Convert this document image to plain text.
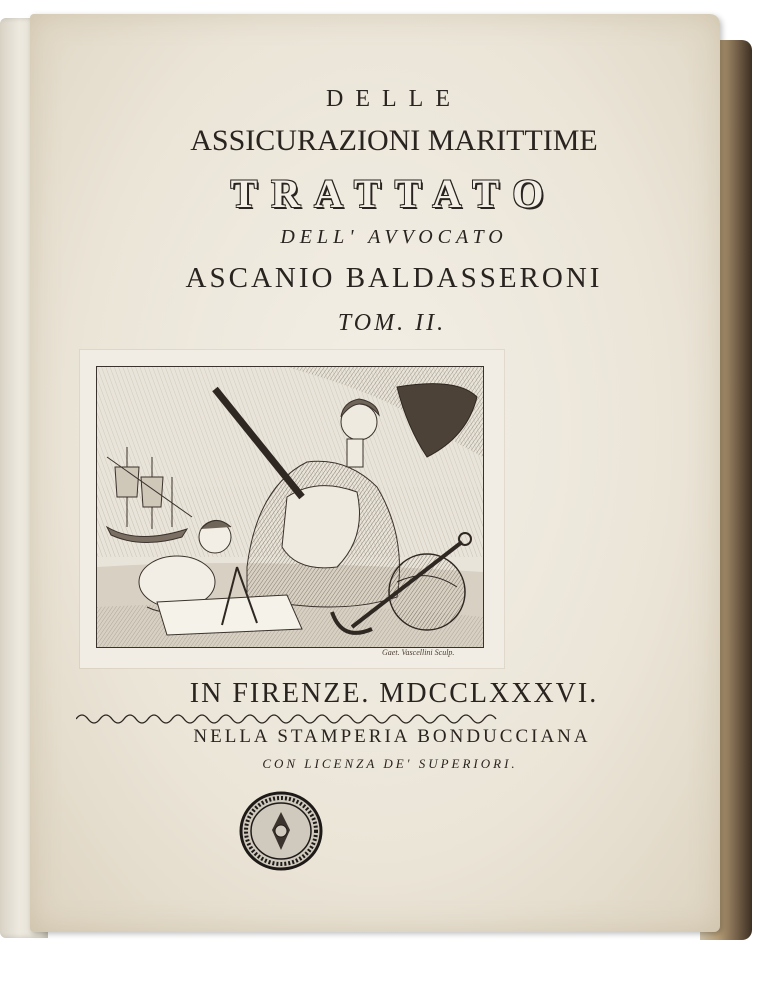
DELLE

ASSICURAZIONI MARITTIME

TRATTATO

DELL' AVVOCATO

ASCANIO BALDASSERONI

TOM. II.

Gaet. Vascellini Sculp.

IN FIRENZE. MDCCLXXXVI.

NELLA STAMPERIA BONDUCCIANA

CON LICENZA DE' SUPERIORI.
